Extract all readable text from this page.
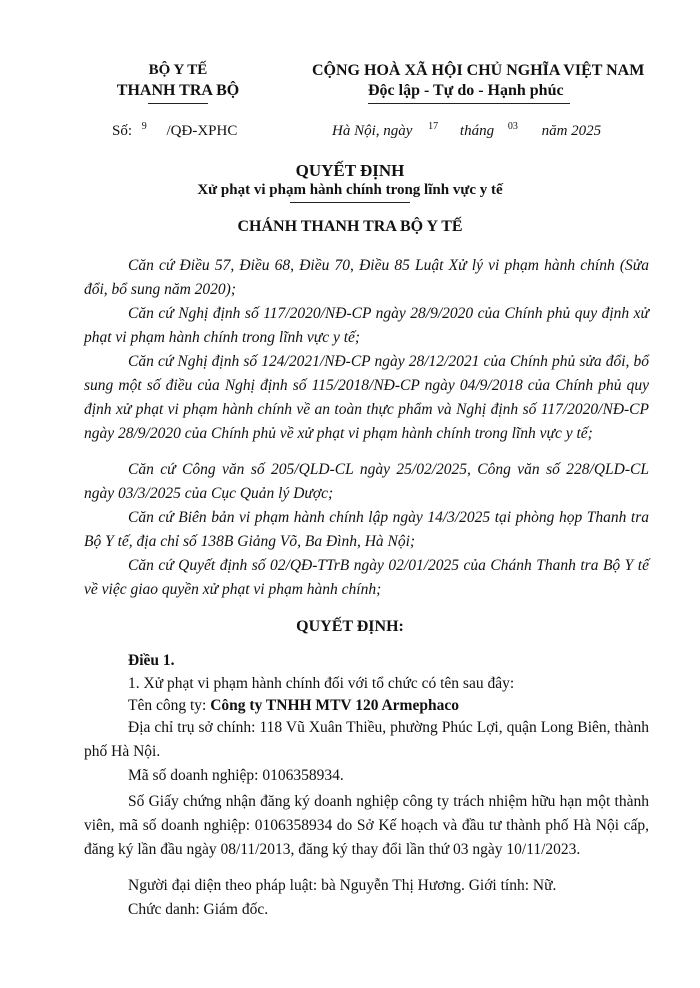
BỘ Y TẾ
THANH TRA BỘ
CỘNG HOÀ XÃ HỘI CHỦ NGHĨA VIỆT NAM
Độc lập - Tự do - Hạnh phúc
Số: $^9$ /QĐ-XPHC	Hà Nội, ngày $^{17}$ tháng $^{03}$ năm 2025
QUYẾT ĐỊNH
Xử phạt vi phạm hành chính trong lĩnh vực y tế
CHÁNH THANH TRA BỘ Y TẾ
Căn cứ Điều 57, Điều 68, Điều 70, Điều 85 Luật Xử lý vi phạm hành chính (Sửa đổi, bổ sung năm 2020);
Căn cứ Nghị định số 117/2020/NĐ-CP ngày 28/9/2020 của Chính phủ quy định xử phạt vi phạm hành chính trong lĩnh vực y tế;
Căn cứ Nghị định số 124/2021/NĐ-CP ngày 28/12/2021 của Chính phủ sửa đổi, bổ sung một số điều của Nghị định số 115/2018/NĐ-CP ngày 04/9/2018 của Chính phủ quy định xử phạt vi phạm hành chính về an toàn thực phẩm và Nghị định số 117/2020/NĐ-CP ngày 28/9/2020 của Chính phủ về xử phạt vi phạm hành chính trong lĩnh vực y tế;
Căn cứ Công văn số 205/QLD-CL ngày 25/02/2025, Công văn số 228/QLD-CL ngày 03/3/2025 của Cục Quản lý Dược;
Căn cứ Biên bản vi phạm hành chính lập ngày 14/3/2025 tại phòng họp Thanh tra Bộ Y tế, địa chỉ số 138B Giảng Võ, Ba Đình, Hà Nội;
Căn cứ Quyết định số 02/QĐ-TTrB ngày 02/01/2025 của Chánh Thanh tra Bộ Y tế về việc giao quyền xử phạt vi phạm hành chính;
QUYẾT ĐỊNH:
Điều 1.
1. Xử phạt vi phạm hành chính đối với tổ chức có tên sau đây:
Tên công ty: Công ty TNHH MTV 120 Armephaco
Địa chỉ trụ sở chính: 118 Vũ Xuân Thiều, phường Phúc Lợi, quận Long Biên, thành phố Hà Nội.
Mã số doanh nghiệp: 0106358934.
Số Giấy chứng nhận đăng ký doanh nghiệp công ty trách nhiệm hữu hạn một thành viên, mã số doanh nghiệp: 0106358934 do Sở Kế hoạch và đầu tư thành phố Hà Nội cấp, đăng ký lần đầu ngày 08/11/2013, đăng ký thay đổi lần thứ 03 ngày 10/11/2023.
Người đại diện theo pháp luật: bà Nguyễn Thị Hương. Giới tính: Nữ.
Chức danh: Giám đốc.
